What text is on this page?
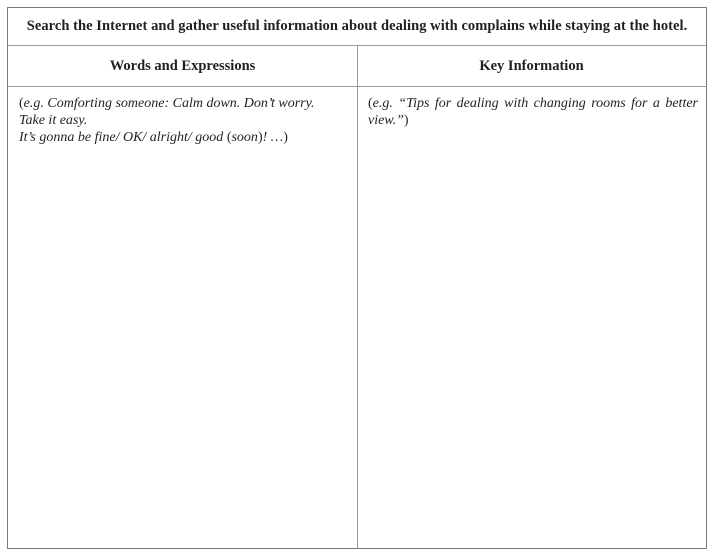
Search the Internet and gather useful information about dealing with complains while staying at the hotel.
Words and Expressions	Key Information
(e.g. Comforting someone: Calm down. Don’t worry.
Take it easy.
It’s gonna be fine/ OK/ alright/ good (soon)! …)
(e.g. “Tips for dealing with changing rooms for a better view.”)
